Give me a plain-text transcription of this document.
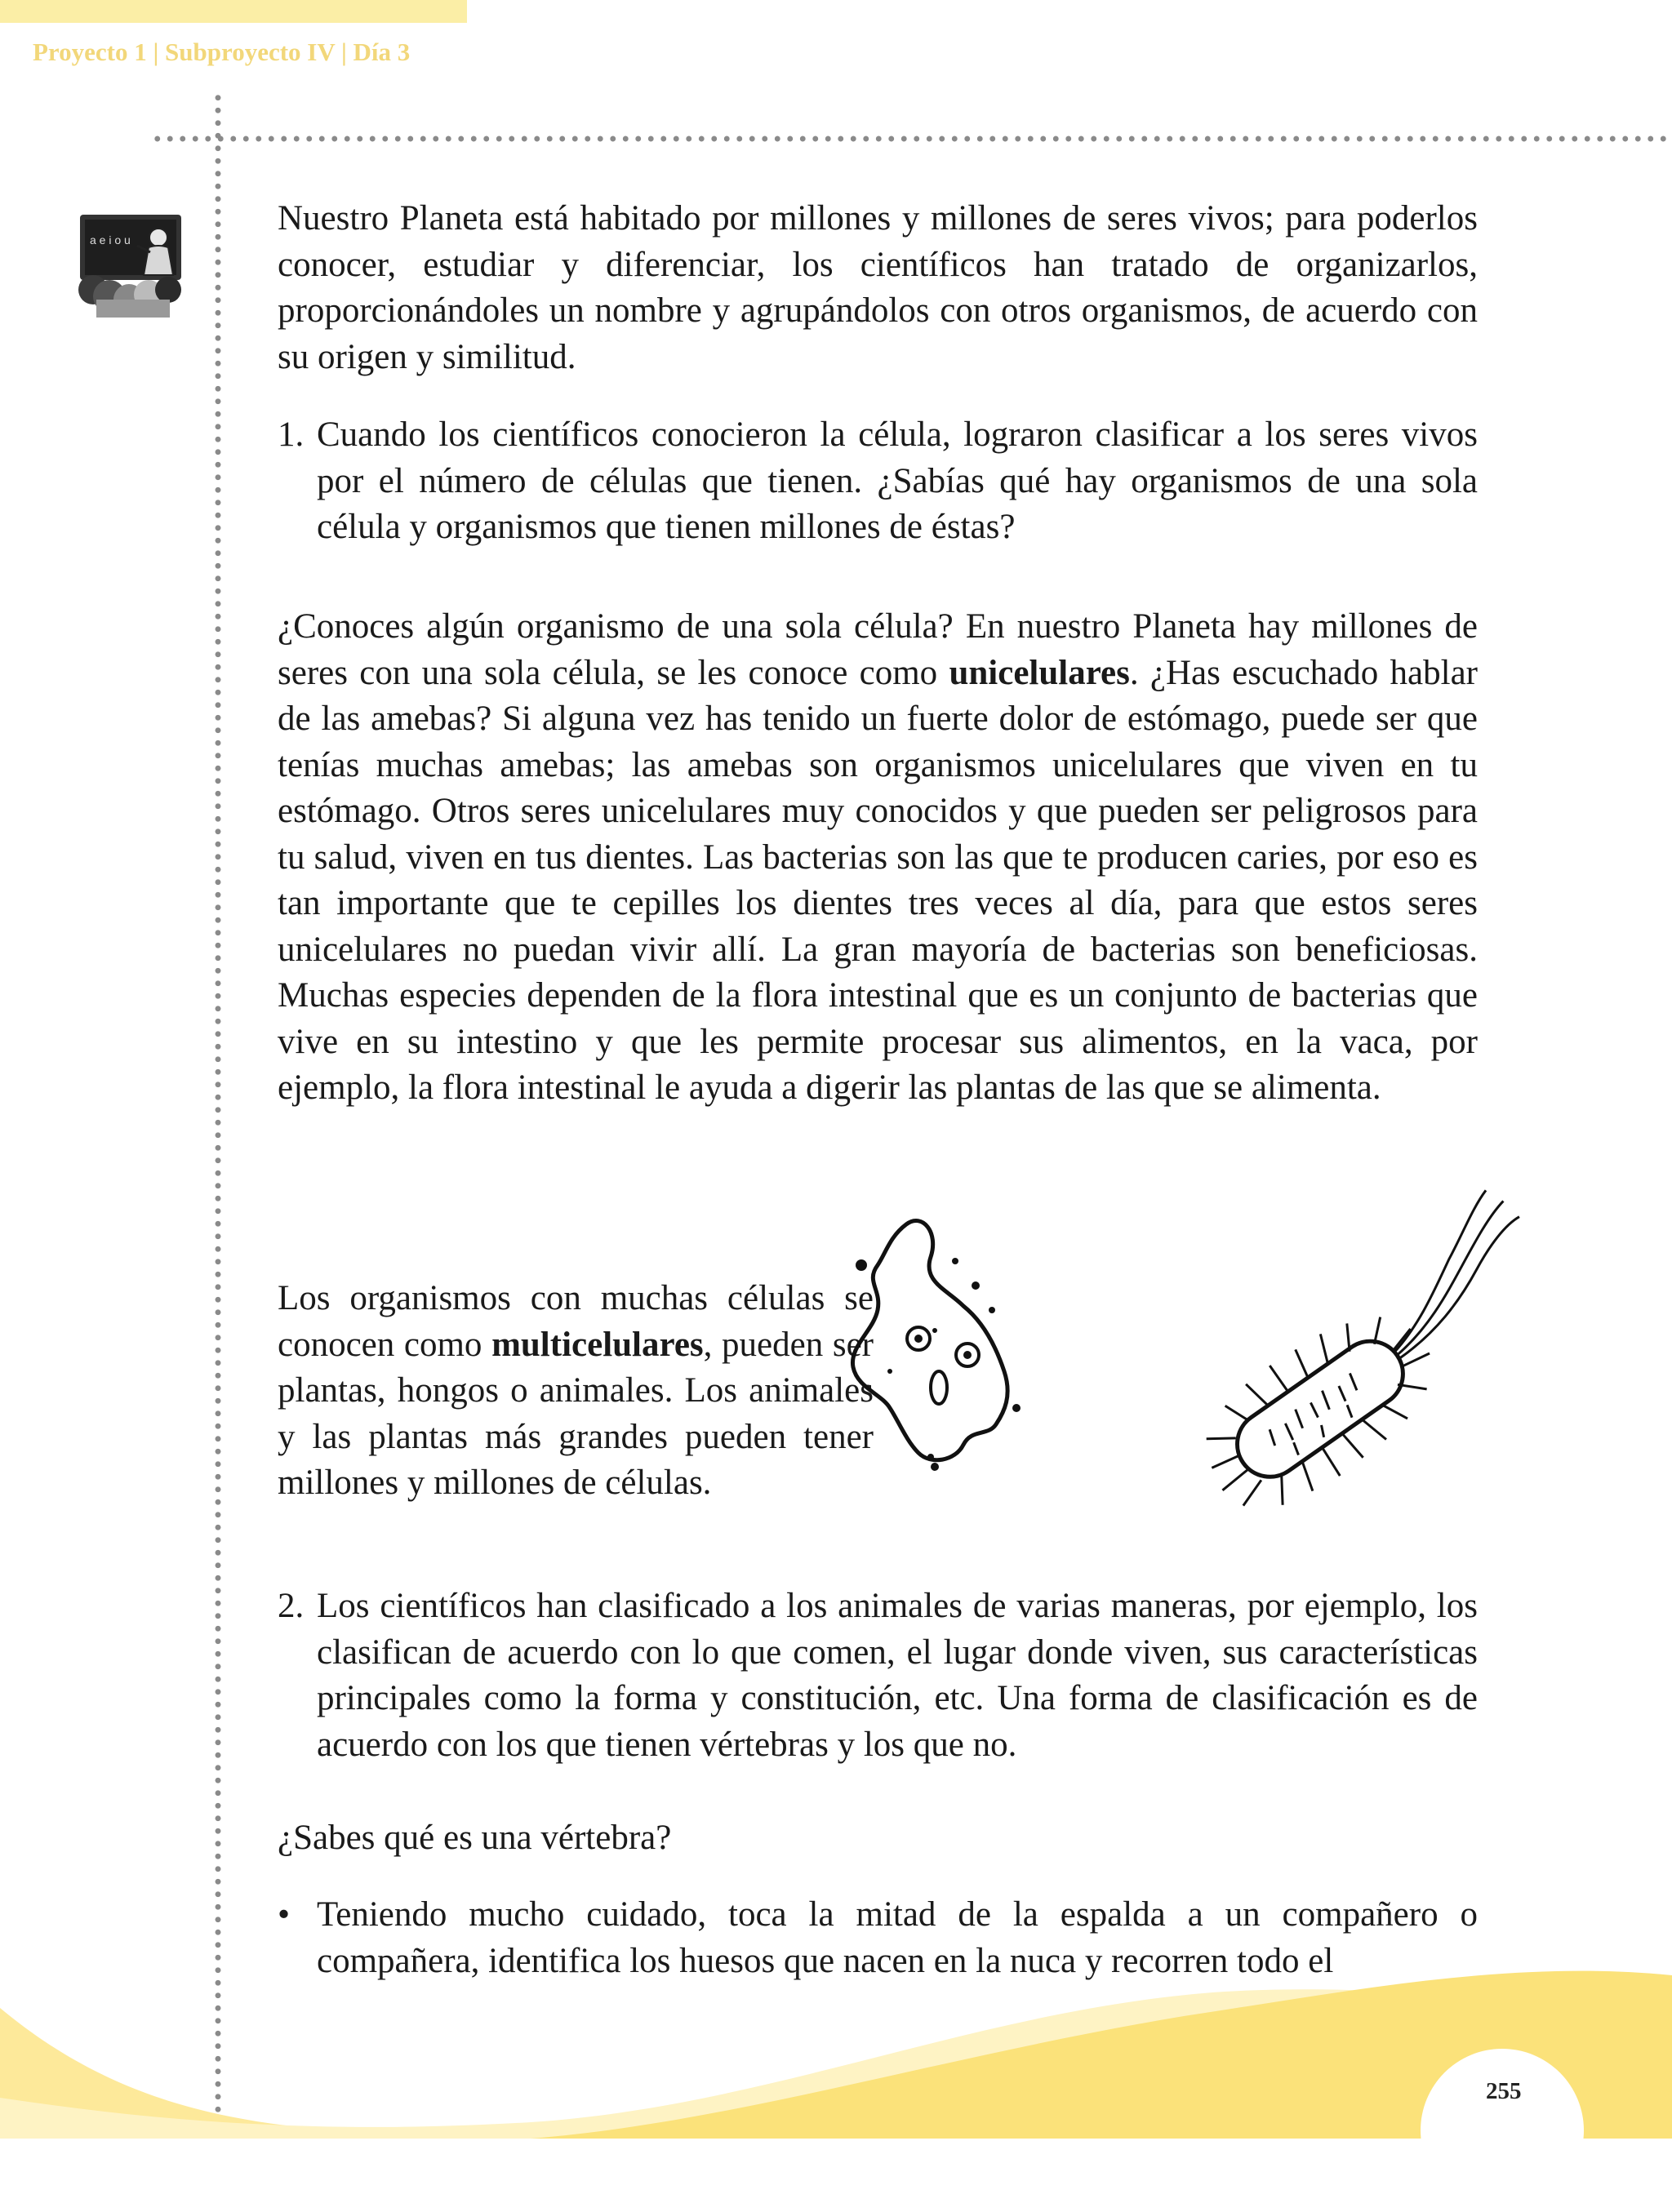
Proyecto 1 | Subproyecto IV | Día 3
a e i o u
Nuestro Planeta está habitado por millones y millones de seres vivos; para poderlos conocer, estudiar y diferenciar, los científicos han tratado de organizarlos, proporcionándoles un nombre y agrupándolos con otros organismos, de acuerdo con su origen y similitud.
1. Cuando los científicos conocieron la célula, lograron clasificar a los seres vivos por el número de células que tienen. ¿Sabías qué hay organismos de una sola célula y organismos que tienen millones de éstas?
¿Conoces algún organismo de una sola célula? En nuestro Planeta hay millones de seres con una sola célula, se les conoce como unicelulares. ¿Has escuchado hablar de las amebas? Si alguna vez has tenido un fuerte dolor de estómago, puede ser que tenías muchas amebas; las amebas son organismos unicelulares que viven en tu estómago. Otros seres unicelulares muy conocidos y que pueden ser peligrosos para tu salud, viven en tus dientes. Las bacterias son las que te producen caries, por eso es tan importante que te cepilles los dientes tres veces al día, para que estos seres unicelulares no puedan vivir allí. La gran mayoría de bacterias son beneficiosas. Muchas especies dependen de la flora intestinal que es un conjunto de bacterias que vive en su intestino y que les permite procesar sus alimentos, en la vaca, por ejemplo, la flora intestinal le ayuda a digerir las plantas de las que se alimenta.
Los organismos con muchas células se conocen como multicelulares, pueden ser plantas, hongos o animales. Los animales y las plantas más grandes pueden tener millones y millones de células.
2. Los científicos han clasificado a los animales de varias maneras, por ejemplo, los clasifican de acuerdo con lo que comen, el lugar donde viven, sus características principales como la forma y constitución, etc. Una forma de clasificación es de acuerdo con los que tienen vértebras y los que no.
¿Sabes qué es una vértebra?
• Teniendo mucho cuidado, toca la mitad de la espalda a un compañero o compañera, identifica los huesos que nacen en la nuca y recorren todo el
255
